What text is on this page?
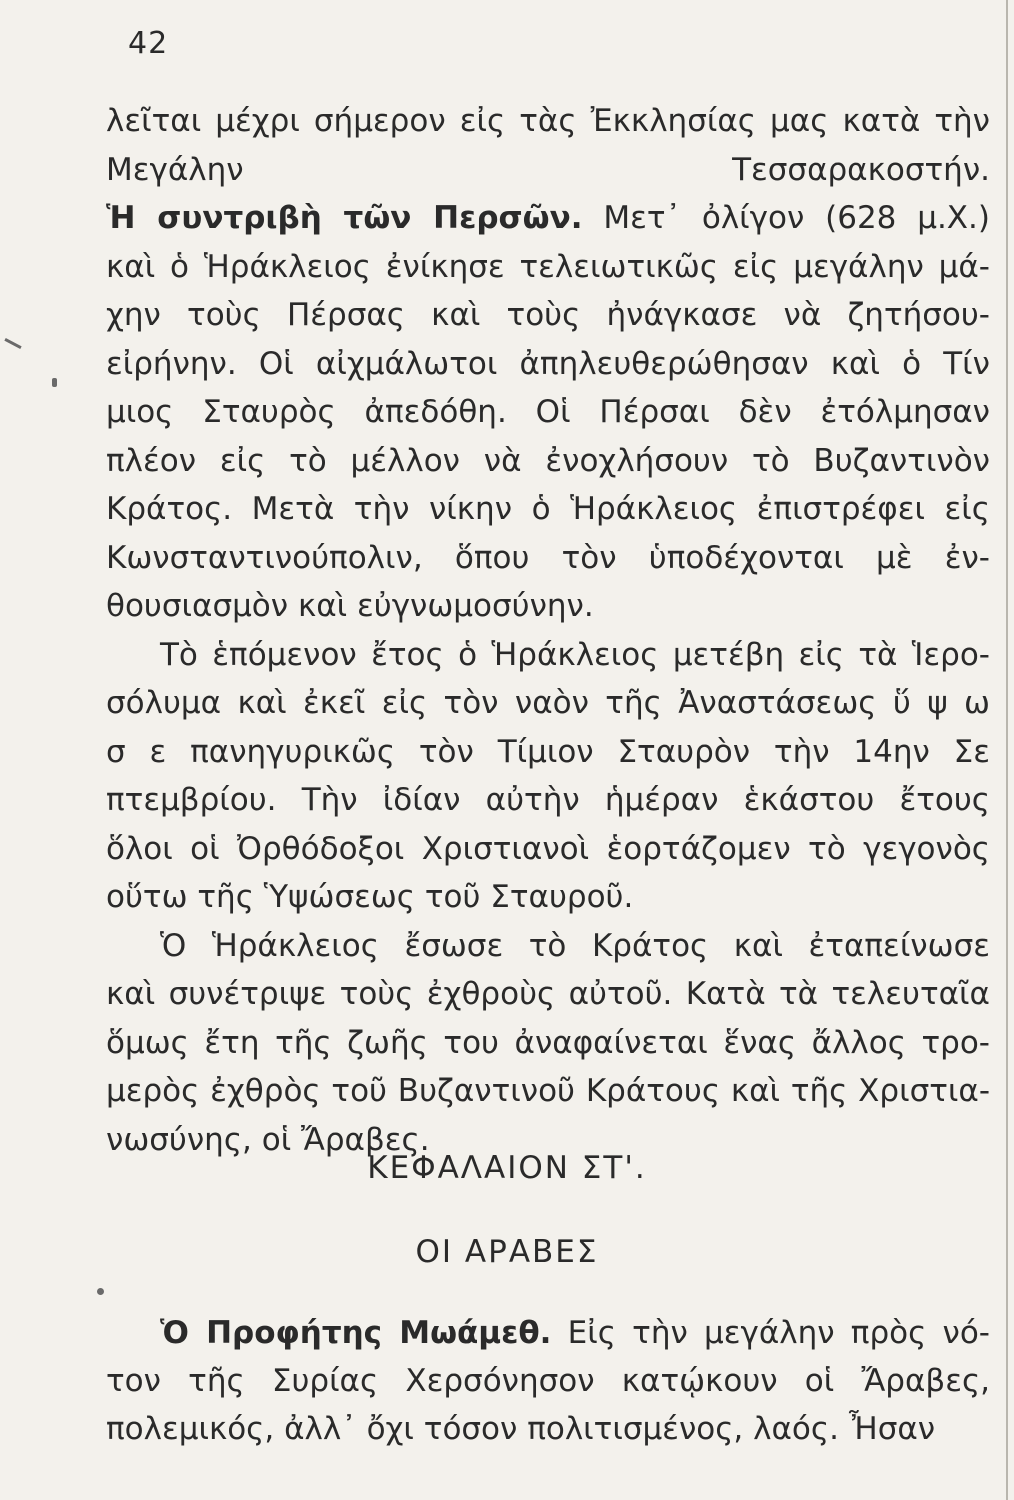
42
λεῖται μέχρι σήμερον εἰς τὰς Ἐκκλησίας μας κατὰ τὴν
Μεγάλην Τεσσαρακοστήν.
Ἡ συντριβὴ τῶν Περσῶν. Μετ᾽ ὀλίγον (628 μ.Χ.)
καὶ ὁ Ἡράκλειος ἐνίκησε τελειωτικῶς εἰς μεγάλην μά-
χην τοὺς Πέρσας καὶ τοὺς ἠνάγκασε νὰ ζητήσου-
εἰρήνην. Οἱ αἰχμάλωτοι ἀπηλευθερώθησαν καὶ ὁ Τίν
μιος Σταυρὸς ἀπεδόθη. Οἱ Πέρσαι δὲν ἐτόλμησαν
πλέον εἰς τὸ μέλλον νὰ ἐνοχλήσουν τὸ Βυζαντινὸν
Κράτος. Μετὰ τὴν νίκην ὁ Ἡράκλειος ἐπιστρέφει εἰς
Κωνσταντινούπολιν, ὅπου τὸν ὑποδέχονται μὲ ἐν-
θουσιασμὸν καὶ εὐγνωμοσύνην.
Τὸ ἑπόμενον ἔτος ὁ Ἡράκλειος μετέβη εἰς τὰ Ἱερο-
σόλυμα καὶ ἐκεῖ εἰς τὸν ναὸν τῆς Ἀναστάσεως ὕ ψ ω
σ ε πανηγυρικῶς τὸν Τίμιον Σταυρὸν τὴν 14ην Σε
πτεμβρίου. Τὴν ἰδίαν αὐτὴν ἡμέραν ἑκάστου ἔτους
ὅλοι οἱ Ὀρθόδοξοι Χριστιανοὶ ἑορτάζομεν τὸ γεγονὸς
οὕτω τῆς Ὑψώσεως τοῦ Σταυροῦ.
Ὁ Ἡράκλειος ἔσωσε τὸ Κράτος καὶ ἐταπείνωσε
καὶ συνέτριψε τοὺς ἐχθροὺς αὐτοῦ. Κατὰ τὰ τελευταῖα
ὅμως ἔτη τῆς ζωῆς του ἀναφαίνεται ἕνας ἄλλος τρο-
μερὸς ἐχθρὸς τοῦ Βυζαντινοῦ Κράτους καὶ τῆς Χριστια-
νωσύνης, οἱ Ἄραβες.
ΚΕΦΑΛΑΙΟΝ ΣΤ'.
ΟΙ ΑΡΑΒΕΣ
Ὁ Προφήτης Μωάμεθ. Εἰς τὴν μεγάλην πρὸς νό-
τον τῆς Συρίας Χερσόνησον κατῴκουν οἱ Ἄραβες,
πολεμικός, ἀλλ᾽ ὄχι τόσον πολιτισμένος, λαός. Ἦσαν
